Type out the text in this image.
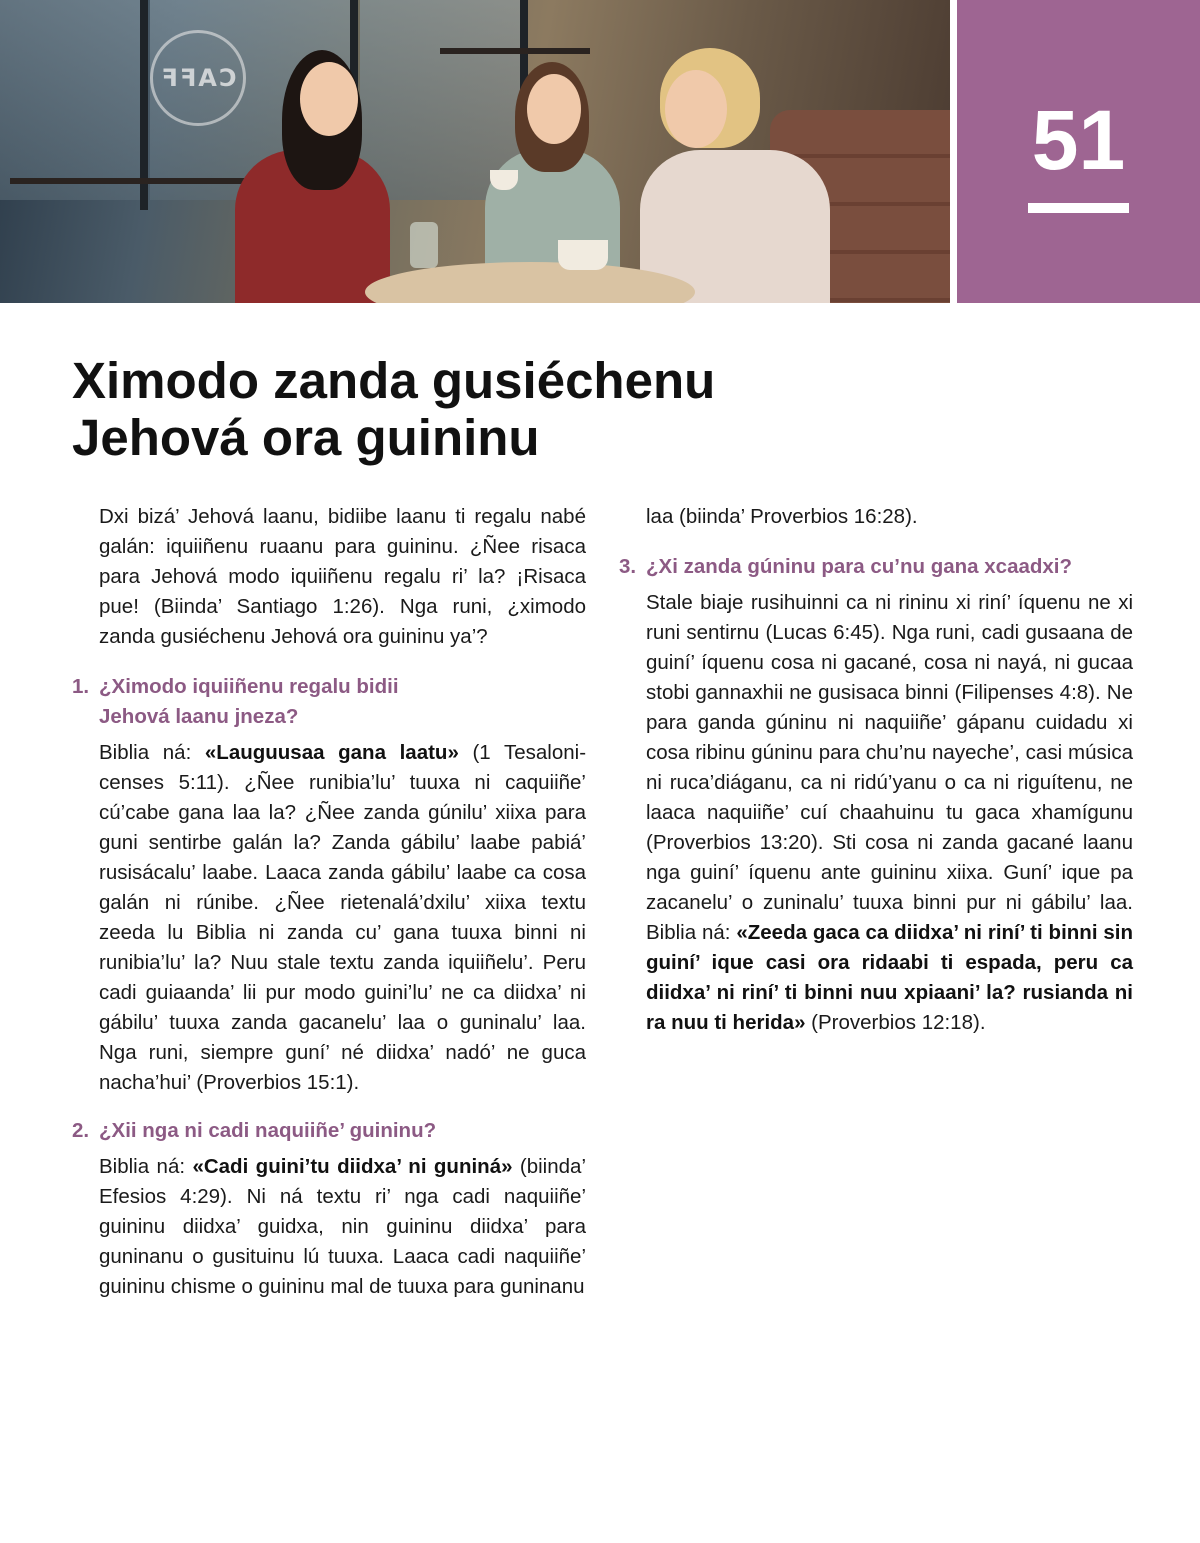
CAFF
51
Ximodo zanda gusiéchenu
Jehová ora guininu

Dxi bizá’ Jehová laanu, bidiibe laanu ti regalu nabé galán: iquiiñenu ruaanu para guininu. ¿Ñee risaca para Jehová modo iquiiñenu regalu ri’ la? ¡Risaca pue! (Biinda’ Santiago 1:26). Nga runi, ¿ximodo zanda gusiéchenu Jehová ora guininu ya’?

1. ¿Ximodo iquiiñenu regalu bidii
Jehová laanu jneza?

Biblia ná: «Lauguusaa gana laatu» (1 Tesalonicenses 5:11). ¿Ñee runibia’lu’ tuuxa ni caquiiñe’ cú’cabe gana laa la? ¿Ñee zanda gúnilu’ xiixa para guni sentirbe galán la? Zanda gábilu’ laabe pabiá’ rusisácalu’ laabe. Laaca zanda gábilu’ laabe ca cosa galán ni rúnibe. ¿Ñee rietenalá’dxilu’ xiixa textu zeeda lu Biblia ni zanda cu’ gana tuuxa binni ni runibia’lu’ la? Nuu stale textu zanda iquiiñelu’. Peru cadi guiaanda’ lii pur modo guini’lu’ ne ca diidxa’ ni gábilu’ tuuxa zanda gacanelu’ laa o guninalu’ laa. Nga runi, siempre guní’ né diidxa’ nadó’ ne guca nacha’hui’ (Proverbios 15:1).

2. ¿Xii nga ni cadi naquiiñe’ guininu?

Biblia ná: «Cadi guini’tu diidxa’ ni guniná» (biinda’ Efesios 4:29). Ni ná textu ri’ nga cadi naquiiñe’ guininu diidxa’ guidxa, nin guininu diidxa’ para guninanu o gusituinu lú tuuxa. Laaca cadi naquiiñe’ guininu chisme o guininu mal de tuuxa para guninanu

laa (biinda’ Proverbios 16:28).

3. ¿Xi zanda gúninu para cu’nu gana xcaadxi?

Stale biaje rusihuinni ca ni rininu xi riní’ íquenu ne xi runi sentirnu (Lucas 6:45). Nga runi, cadi gusaana de guiní’ íquenu cosa ni gacané, cosa ni nayá, ni gucaa stobi gannaxhii ne gusisaca binni (Filipenses 4:8). Ne para ganda gúninu ni naquiiñe’ gápanu cuidadu xi cosa ribinu gúninu para chu’nu nayeche’, casi música ni ruca’diáganu, ca ni ridú’yanu o ca ni riguítenu, ne laaca naquiiñe’ cuí chaahuinu tu gaca xhamígunu (Proverbios 13:20). Sti cosa ni zanda gacané laanu nga guiní’ íquenu ante guininu xiixa. Guní’ ique pa zacanelu’ o zuninalu’ tuuxa binni pur ni gábilu’ laa. Biblia ná: «Zeeda gaca ca diidxa’ ni riní’ ti binni sin guiní’ ique casi ora ridaabi ti espada, peru ca diidxa’ ni riní’ ti binni nuu xpiaani’ la? rusianda ni ra nuu ti herida» (Proverbios 12:18).
